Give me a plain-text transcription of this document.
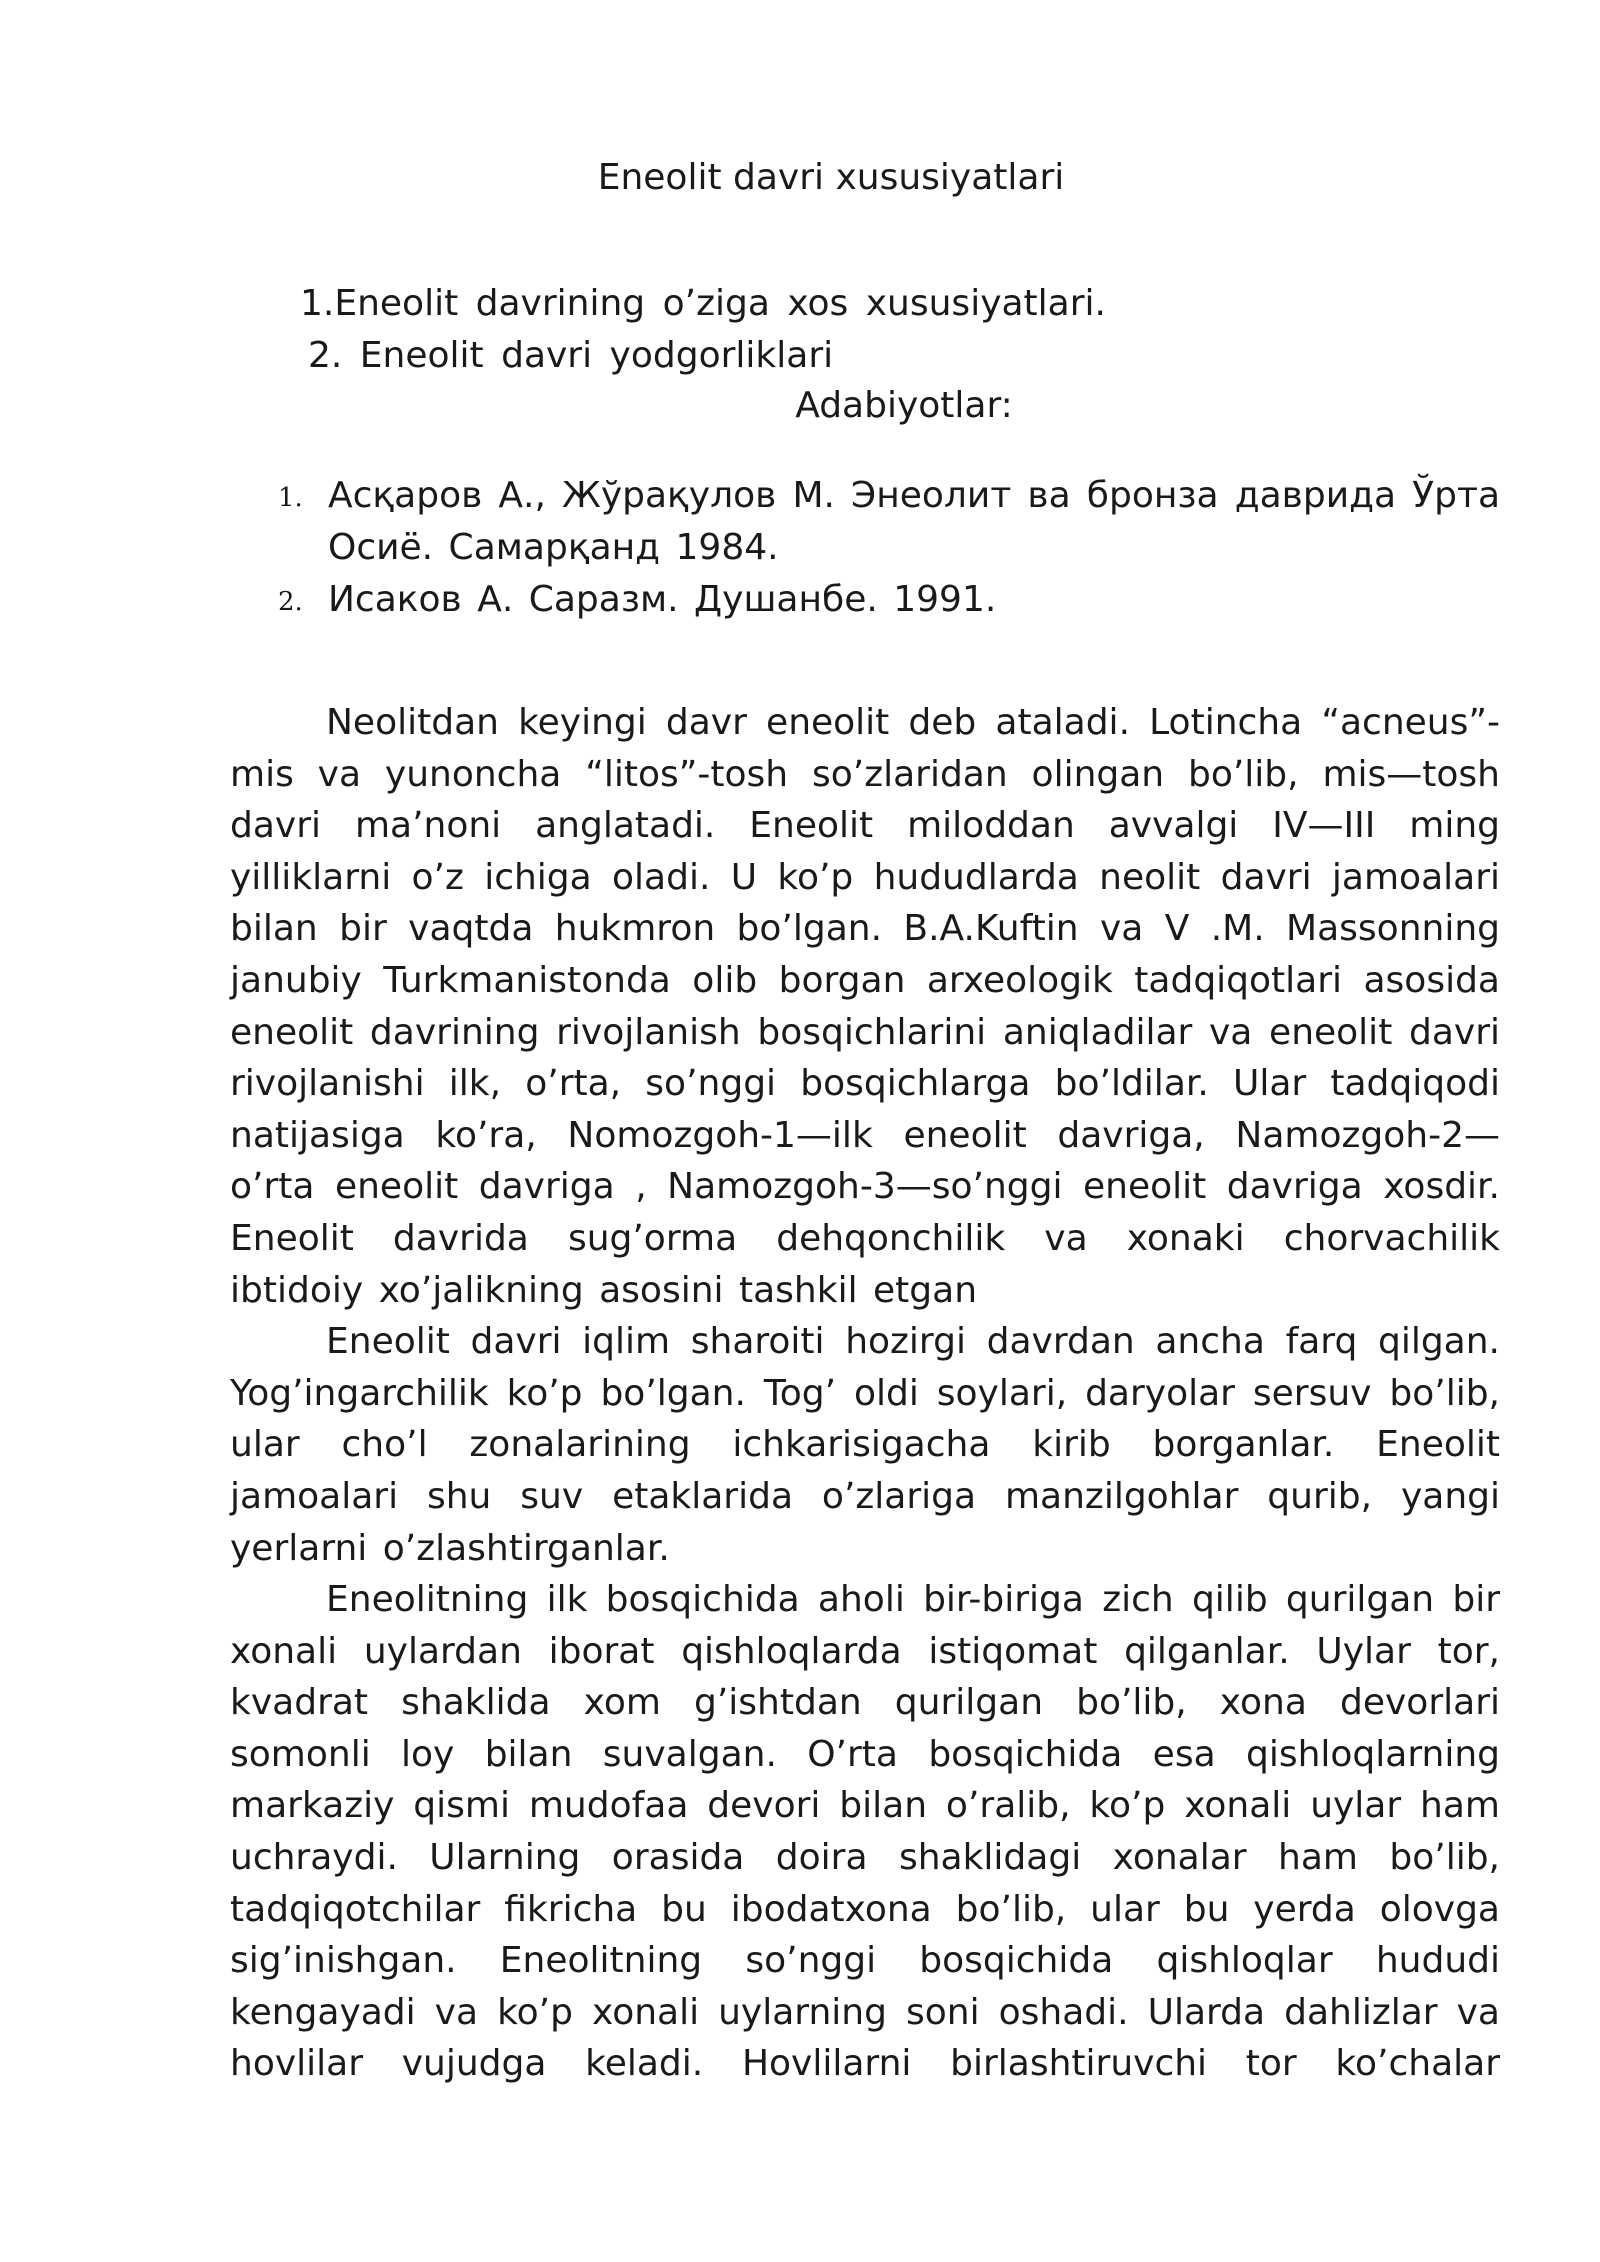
Eneolit davri xususiyatlari
1.Eneolit davrining o’ziga xos xususiyatlari.
2. Eneolit davri yodgorliklari
Adabiyotlar:
1. Асқаров А., Жўрақулов М. Энеолит ва бронза даврида Ўрта Осиё. Самарқанд 1984.
2. Исаков А. Саразм. Душанбе. 1991.

Neolitdan keyingi davr eneolit deb ataladi. Lotincha “acneus”-mis va yunoncha “litos”-tosh so’zlaridan olingan bo’lib, mis—tosh davri ma’noni anglatadi. Eneolit miloddan avvalgi IV—III ming yilliklarni o’z ichiga oladi. U ko’p hududlarda neolit davri jamoalari bilan bir vaqtda hukmron bo’lgan. B.A.Kuftin va V .M. Massonning janubiy Turkmanistonda olib borgan arxeologik tadqiqotlari asosida eneolit davrining rivojlanish bosqichlarini aniqladilar va eneolit davri rivojlanishi ilk, o’rta, so’nggi bosqichlarga bo’ldilar. Ular tadqiqodi natijasiga ko’ra, Nomozgoh-1—ilk eneolit davriga, Namozgoh-2— o’rta eneolit davriga , Namozgoh-3—so’nggi eneolit davriga xosdir. Eneolit davrida sug’orma dehqonchilik va xonaki chorvachilik ibtidoiy xo’jalikning asosini tashkil etgan

Eneolit davri iqlim sharoiti hozirgi davrdan ancha farq qilgan. Yog’ingarchilik ko’p bo’lgan. Tog’ oldi soylari, daryolar sersuv bo’lib, ular cho’l zonalarining ichkarisigacha kirib borganlar. Eneolit jamoalari shu suv etaklarida o’zlariga manzilgohlar qurib, yangi yerlarni o’zlashtirganlar.

Eneolitning ilk bosqichida aholi bir-biriga zich qilib qurilgan bir xonali uylardan iborat qishloqlarda istiqomat qilganlar. Uylar tor, kvadrat shaklida xom g’ishtdan qurilgan bo’lib, xona devorlari somonli loy bilan suvalgan. O’rta bosqichida esa qishloqlarning markaziy qismi mudofaa devori bilan o’ralib, ko’p xonali uylar ham uchraydi. Ularning orasida doira shaklidagi xonalar ham bo’lib, tadqiqotchilar fikricha bu ibodatxona bo’lib, ular bu yerda olovga sig’inishgan. Eneolitning so’nggi bosqichida qishloqlar hududi kengayadi va ko’p xonali uylarning soni oshadi. Ularda dahlizlar va hovlilar vujudga keladi. Hovlilarni birlashtiruvchi tor ko’chalar
